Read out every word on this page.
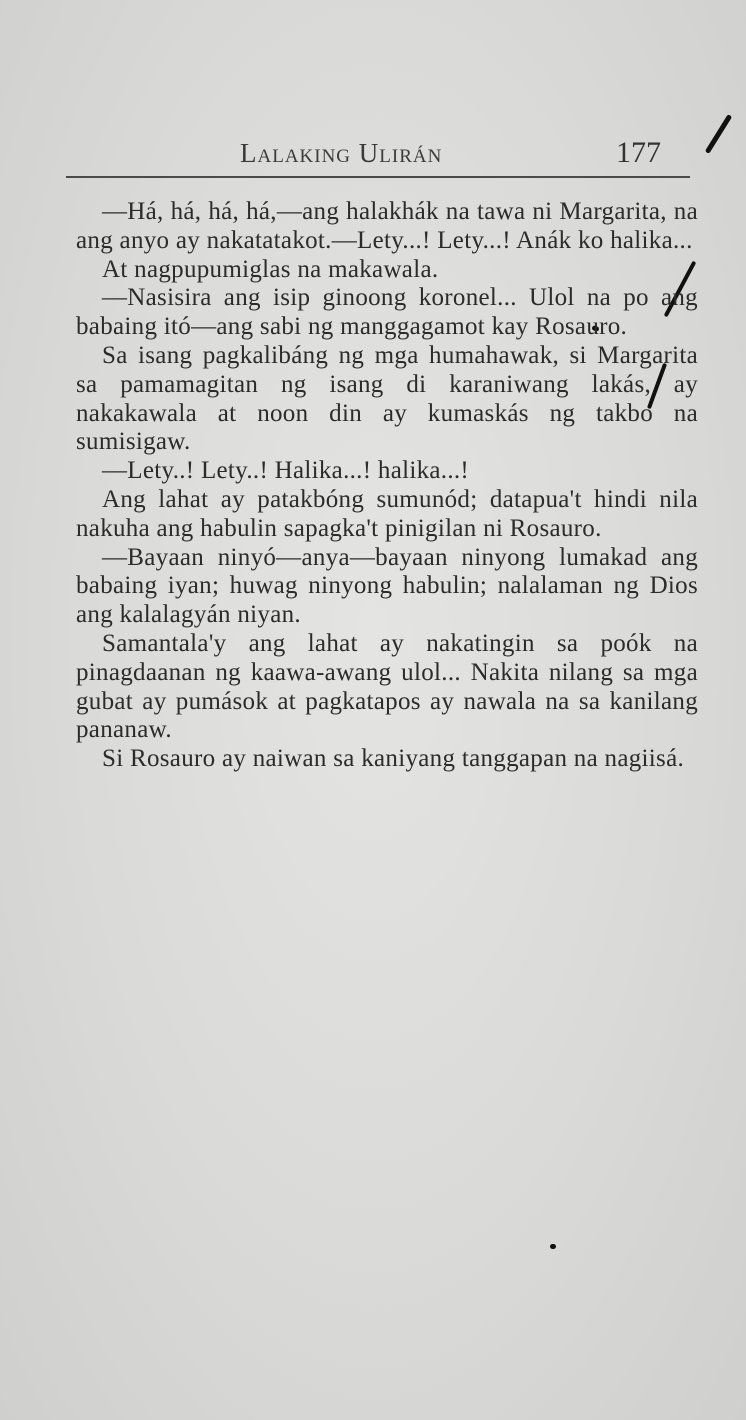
Lalaking Ulirán	177

—Há, há, há, há,—ang halakhák na tawa ni Margarita, na ang anyo ay nakatatakot.—Lety...! Lety...! Anák ko halika...

At nagpupumiglas na makawala.

—Nasisira ang isip ginoong koronel... Ulol na po ang babaing itó—ang sabi ng manggagamot kay Rosauro.

Sa isang pagkalibáng ng mga humahawak, si Margarita sa pamamagitan ng isang di karaniwang lakás, ay nakakawala at noon din ay kumaskás ng takbo na sumisigaw.

—Lety..! Lety..! Halika...! halika...!

Ang lahat ay patakbóng sumunód; datapua't hindi nila nakuha ang habulin sapagka't pinigilan ni Rosauro.

—Bayaan ninyó—anya—bayaan ninyong lumakad ang babaing iyan; huwag ninyong habulin; nalalaman ng Dios ang kalalagyán niyan.

Samantala'y ang lahat ay nakatingin sa poók na pinagdaanan ng kaawa-awang ulol... Nakita nilang sa mga gubat ay pumások at pagkatapos ay nawala na sa kanilang pananaw.

Si Rosauro ay naiwan sa kaniyang tanggapan na nagiisá.
